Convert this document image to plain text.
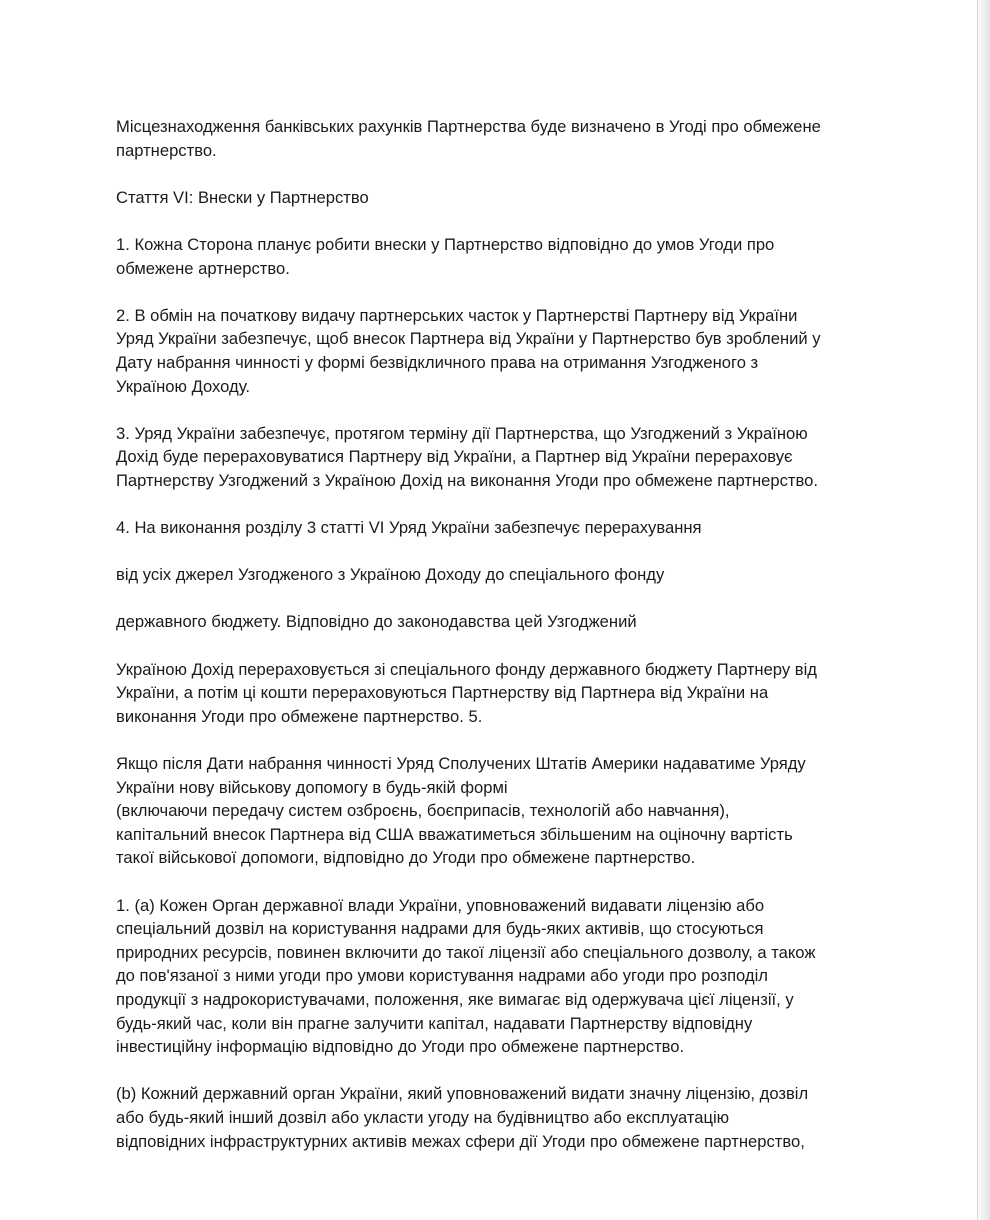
Місцезнаходження банківських рахунків Партнерства буде визначено в Угоді про обмежене
партнерство.

Стаття VI: Внески у Партнерство

1. Кожна Сторона планує робити внески у Партнерство відповідно до умов Угоди про
обмежене артнерство.

2. В обмін на початкову видачу партнерських часток у Партнерстві Партнеру від України
Уряд України забезпечує, щоб внесок Партнера від України у Партнерство був зроблений у
Дату набрання чинності у формі безвідкличного права на отримання Узгодженого з
Україною Доходу.

3. Уряд України забезпечує, протягом терміну дії Партнерства, що Узгоджений з Україною
Дохід буде перераховуватися Партнеру від України, а Партнер від України перераховує
Партнерству Узгоджений з Україною Дохід на виконання Угоди про обмежене партнерство.

4. На виконання розділу 3 статті VI Уряд України забезпечує перерахування

від усіх джерел Узгодженого з Україною Доходу до спеціального фонду

державного бюджету. Відповідно до законодавства цей Узгоджений

Україною Дохід перераховується зі спеціального фонду державного бюджету Партнеру від
України, а потім ці кошти перераховуються Партнерству від Партнера від України на
виконання Угоди про обмежене партнерство. 5.

Якщо після Дати набрання чинності Уряд Сполучених Штатів Америки надаватиме Уряду
України нову військову допомогу в будь-якій формі
(включаючи передачу систем озброєнь, боєприпасів, технологій або навчання),
капітальний внесок Партнера від США вважатиметься збільшеним на оціночну вартість
такої військової допомоги, відповідно до Угоди про обмежене партнерство.

1. (а) Кожен Орган державної влади України, уповноважений видавати ліцензію або
спеціальний дозвіл на користування надрами для будь-яких активів, що стосуються
природних ресурсів, повинен включити до такої ліцензії або спеціального дозволу, а також
до пов'язаної з ними угоди про умови користування надрами або угоди про розподіл
продукції з надрокористувачами, положення, яке вимагає від одержувача цієї ліцензії, у
будь-який час, коли він прагне залучити капітал, надавати Партнерству відповідну
інвестиційну інформацію відповідно до Угоди про обмежене партнерство.

(b) Кожний державний орган України, який уповноважений видати значну ліцензію, дозвіл
або будь-який інший дозвіл або укласти угоду на будівництво або експлуатацію
відповідних інфраструктурних активів межах сфери дії Угоди про обмежене партнерство,
